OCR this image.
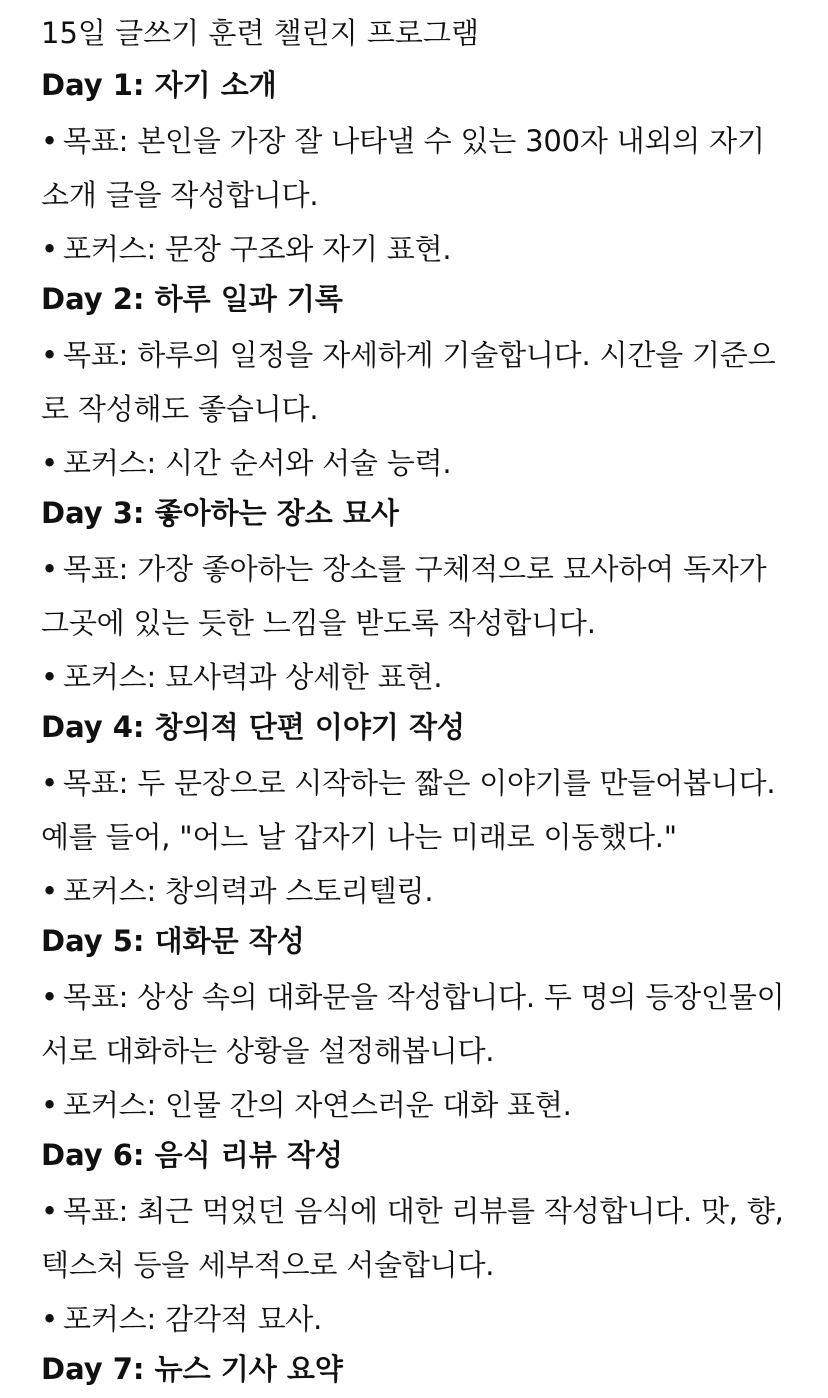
15일 글쓰기 훈련 챌린지 프로그램
Day 1: 자기 소개
• 목표: 본인을 가장 잘 나타낼 수 있는 300자 내외의 자기소개 글을 작성합니다.
• 포커스: 문장 구조와 자기 표현.
Day 2: 하루 일과 기록
• 목표: 하루의 일정을 자세하게 기술합니다. 시간을 기준으로 작성해도 좋습니다.
• 포커스: 시간 순서와 서술 능력.
Day 3: 좋아하는 장소 묘사
• 목표: 가장 좋아하는 장소를 구체적으로 묘사하여 독자가 그곳에 있는 듯한 느낌을 받도록 작성합니다.
• 포커스: 묘사력과 상세한 표현.
Day 4: 창의적 단편 이야기 작성
• 목표: 두 문장으로 시작하는 짧은 이야기를 만들어봅니다. 예를 들어, "어느 날 갑자기 나는 미래로 이동했다."
• 포커스: 창의력과 스토리텔링.
Day 5: 대화문 작성
• 목표: 상상 속의 대화문을 작성합니다. 두 명의 등장인물이 서로 대화하는 상황을 설정해봅니다.
• 포커스: 인물 간의 자연스러운 대화 표현.
Day 6: 음식 리뷰 작성
• 목표: 최근 먹었던 음식에 대한 리뷰를 작성합니다. 맛, 향, 텍스처 등을 세부적으로 서술합니다.
• 포커스: 감각적 묘사.
Day 7: 뉴스 기사 요약
